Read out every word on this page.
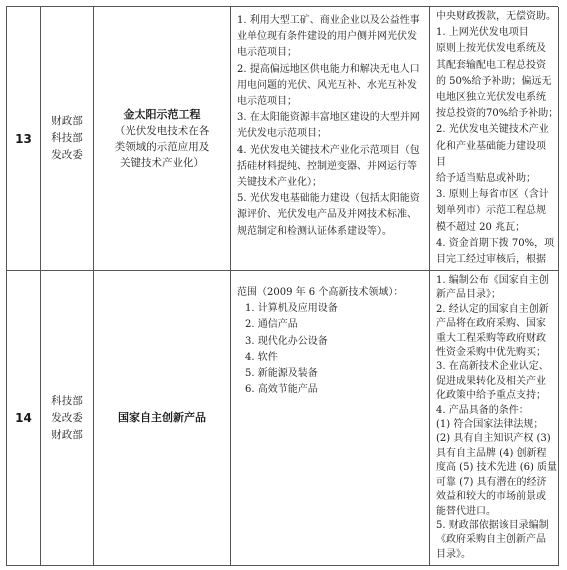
13
财政部
科技部
发改委
金太阳示范工程
（光伏发电技术在各
类领域的示范应用及
关键技术产业化）
1. 利用大型工矿、商业企业以及公益性事
业单位现有条件建设的用户侧并网光伏发
电示范项目；
2. 提高偏远地区供电能力和解决无电人口
用电问题的光伏、风光互补、水光互补发
电示范项目；
3. 在太阳能资源丰富地区建设的大型并网
光伏发电示范项目；
4. 光伏发电关键技术产业化示范项目（包
括硅材料提纯、控制逆变器、并网运行等
关键技术产业化）；
5. 光伏发电基础能力建设（包括太阳能资
源评价、光伏发电产品及并网技术标准、
规范制定和检测认证体系建设等）。
中央财政拨款，无偿资助。
1. 上网光伏发电项目
原则上按光伏发电系统及
其配套输配电工程总投资
的 50%给予补助；偏远无
电地区独立光伏发电系统
按总投资的70%给予补助；
2. 光伏发电关键技术产业
化和产业基础能力建设项
目
给予适当贴息或补助；
3. 原则上每省市区（含计
划单列市）示范工程总规
模不超过 20 兆瓦；
4. 资金首期下拨 70%，项
目完工经过审核后，根据
14
科技部
发改委
财政部
国家自主创新产品
范围（2009 年 6 个高新技术领域）：
1. 计算机及应用设备
2. 通信产品
3. 现代化办公设备
4. 软件
5. 新能源及装备
6. 高效节能产品
1. 编制公布《国家自主创
新产品目录》；
2. 经认定的国家自主创新
产品将在政府采购、国家
重大工程采购等政府财政
性资金采购中优先购买；
3. 在高新技术企业认定、
促进成果转化及相关产业
化政策中给予重点支持；
4. 产品具备的条件：
(1) 符合国家法律法规；
(2) 具有自主知识产权 (3)
具有自主品牌 (4) 创新程
度高 (5) 技术先进 (6) 质量
可靠 (7) 具有潜在的经济
效益和较大的市场前景或
能替代进口。
5. 财政部依据该目录编制
《政府采购自主创新产品
目录》。
